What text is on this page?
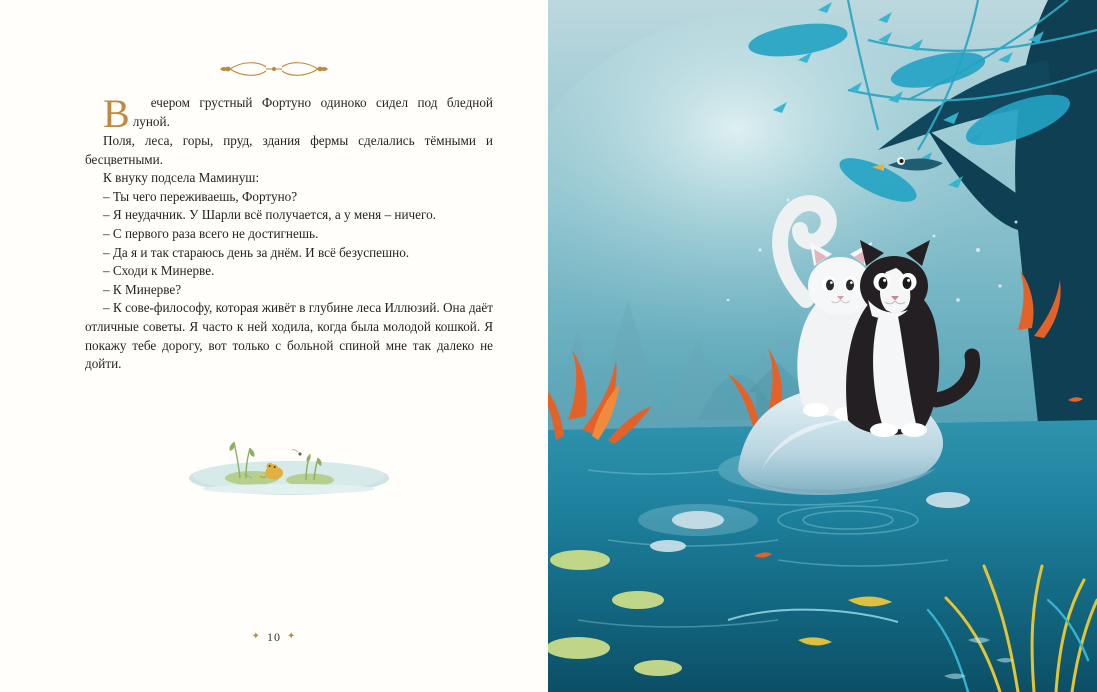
В ечером грустный Фортуно одиноко сидел под бледной луной.

Поля, леса, горы, пруд, здания фермы сделались тёмными и бесцветными.

К внуку подсела Маминуш:

– Ты чего переживаешь, Фортуно?

– Я неудачник. У Шарли всё получается, а у меня – ничего.

– С первого раза всего не достигнешь.

– Да я и так стараюсь день за днём. И всё безуспешно.

– Сходи к Минерве.

– К Минерве?

– К сове-философу, которая живёт в глубине леса Иллюзий. Она даёт отличные советы. Я часто к ней ходила, когда была молодой кошкой. Я покажу тебе дорогу, вот только с больной спиной мне так далеко не дойти.

✦ 10 ✦
